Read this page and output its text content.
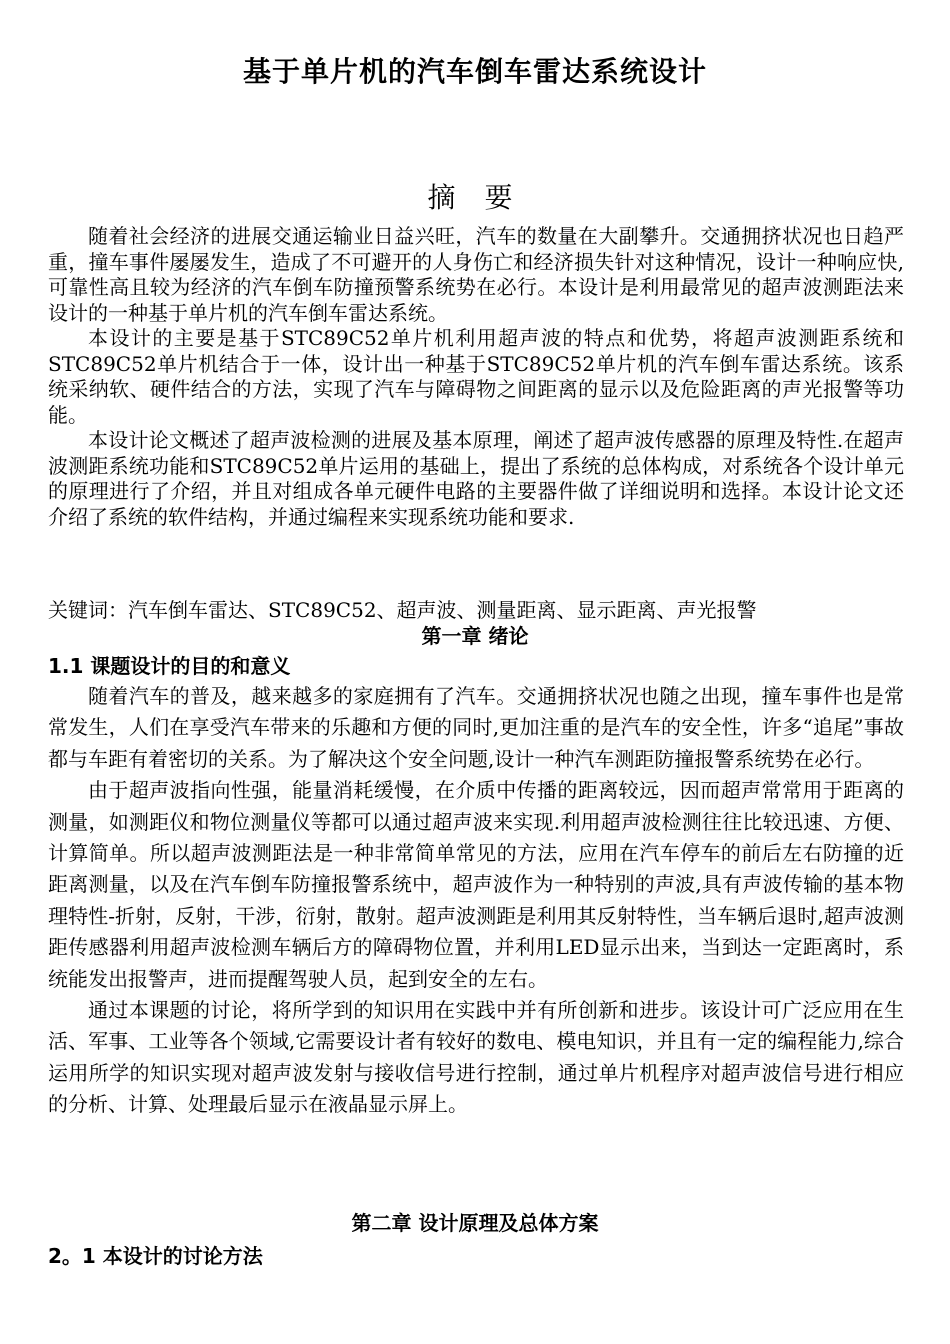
基于单片机的汽车倒车雷达系统设计
摘 要

随着社会经济的进展交通运输业日益兴旺，汽车的数量在大副攀升。交通拥挤状况也日趋严重，撞车事件屡屡发生，造成了不可避开的人身伤亡和经济损失针对这种情况，设计一种响应快,可靠性高且较为经济的汽车倒车防撞预警系统势在必行。本设计是利用最常见的超声波测距法来设计的一种基于单片机的汽车倒车雷达系统。

本设计的主要是基于STC89C52单片机利用超声波的特点和优势，将超声波测距系统和STC89C52单片机结合于一体，设计出一种基于STC89C52单片机的汽车倒车雷达系统。该系统采纳软、硬件结合的方法，实现了汽车与障碍物之间距离的显示以及危险距离的声光报警等功能。

本设计论文概述了超声波检测的进展及基本原理，阐述了超声波传感器的原理及特性.在超声波测距系统功能和STC89C52单片运用的基础上，提出了系统的总体构成，对系统各个设计单元的原理进行了介绍，并且对组成各单元硬件电路的主要器件做了详细说明和选择。本设计论文还介绍了系统的软件结构，并通过编程来实现系统功能和要求.

关键词：汽车倒车雷达、STC89C52、超声波、测量距离、显示距离、声光报警
第一章 绪论
1.1 课题设计的目的和意义

随着汽车的普及，越来越多的家庭拥有了汽车。交通拥挤状况也随之出现，撞车事件也是常常发生，人们在享受汽车带来的乐趣和方便的同时,更加注重的是汽车的安全性，许多“追尾”事故都与车距有着密切的关系。为了解决这个安全问题,设计一种汽车测距防撞报警系统势在必行。

由于超声波指向性强，能量消耗缓慢，在介质中传播的距离较远，因而超声常常用于距离的测量，如测距仪和物位测量仪等都可以通过超声波来实现.利用超声波检测往往比较迅速、方便、计算简单。所以超声波测距法是一种非常简单常见的方法，应用在汽车停车的前后左右防撞的近距离测量，以及在汽车倒车防撞报警系统中，超声波作为一种特别的声波,具有声波传输的基本物理特性-折射，反射，干涉，衍射，散射。超声波测距是利用其反射特性，当车辆后退时,超声波测距传感器利用超声波检测车辆后方的障碍物位置，并利用LED显示出来，当到达一定距离时，系统能发出报警声，进而提醒驾驶人员，起到安全的左右。

通过本课题的讨论，将所学到的知识用在实践中并有所创新和进步。该设计可广泛应用在生活、军事、工业等各个领域,它需要设计者有较好的数电、模电知识，并且有一定的编程能力,综合运用所学的知识实现对超声波发射与接收信号进行控制，通过单片机程序对超声波信号进行相应的分析、计算、处理最后显示在液晶显示屏上。

第二章 设计原理及总体方案
2。1 本设计的讨论方法
